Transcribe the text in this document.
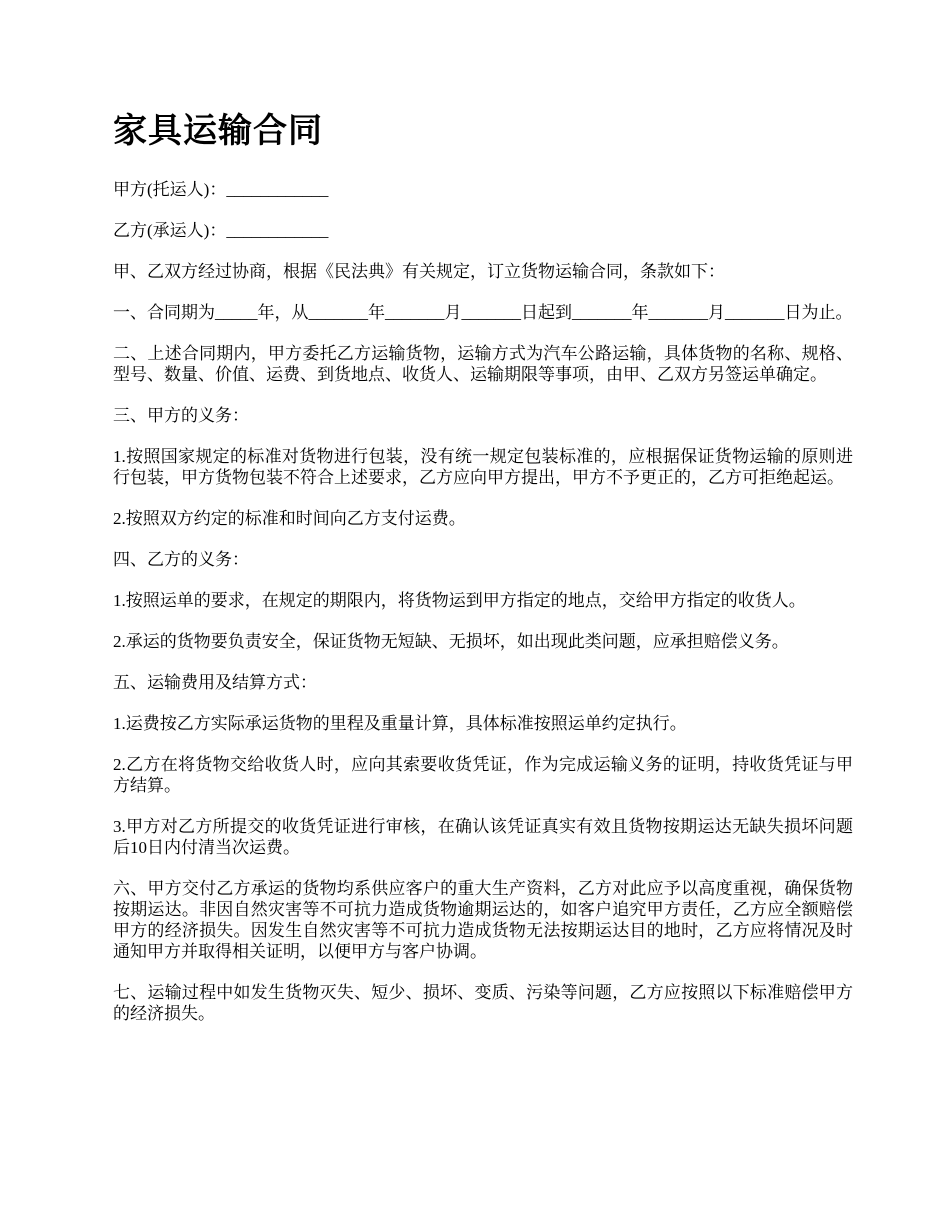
家具运输合同

甲方(托运人)：____________

乙方(承运人)：____________

甲、乙双方经过协商，根据《民法典》有关规定，订立货物运输合同，条款如下：

一、合同期为_____年，从_______年_______月_______日起到_______年_______月_______日为止。

二、上述合同期内，甲方委托乙方运输货物，运输方式为汽车公路运输，具体货物的名称、规格、型号、数量、价值、运费、到货地点、收货人、运输期限等事项，由甲、乙双方另签运单确定。

三、甲方的义务：

1.按照国家规定的标准对货物进行包装，没有统一规定包装标准的，应根据保证货物运输的原则进行包装，甲方货物包装不符合上述要求，乙方应向甲方提出，甲方不予更正的，乙方可拒绝起运。

2.按照双方约定的标准和时间向乙方支付运费。

四、乙方的义务：

1.按照运单的要求，在规定的期限内，将货物运到甲方指定的地点，交给甲方指定的收货人。

2.承运的货物要负责安全，保证货物无短缺、无损坏，如出现此类问题，应承担赔偿义务。

五、运输费用及结算方式：

1.运费按乙方实际承运货物的里程及重量计算，具体标准按照运单约定执行。

2.乙方在将货物交给收货人时，应向其索要收货凭证，作为完成运输义务的证明，持收货凭证与甲方结算。

3.甲方对乙方所提交的收货凭证进行审核，在确认该凭证真实有效且货物按期运达无缺失损坏问题后10日内付清当次运费。

六、甲方交付乙方承运的货物均系供应客户的重大生产资料，乙方对此应予以高度重视，确保货物按期运达。非因自然灾害等不可抗力造成货物逾期运达的，如客户追究甲方责任，乙方应全额赔偿甲方的经济损失。因发生自然灾害等不可抗力造成货物无法按期运达目的地时，乙方应将情况及时通知甲方并取得相关证明，以便甲方与客户协调。

七、运输过程中如发生货物灭失、短少、损坏、变质、污染等问题，乙方应按照以下标准赔偿甲方的经济损失。
